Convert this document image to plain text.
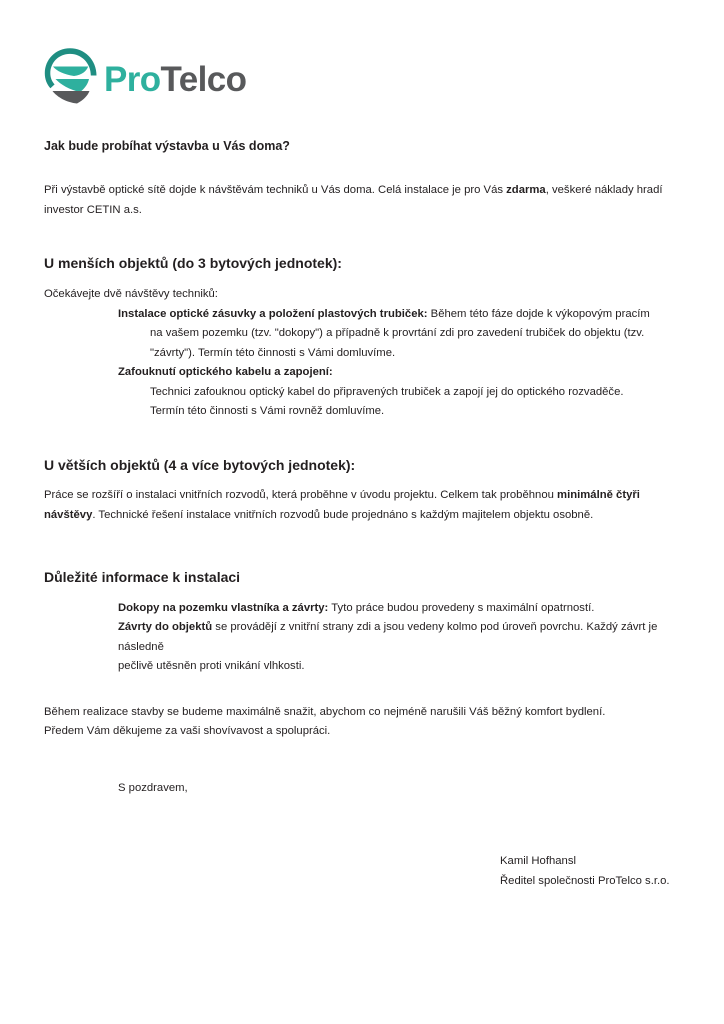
ProTelco
Jak bude probíhat výstavba u Vás doma?

Při výstavbě optické sítě dojde k návštěvám techniků u Vás doma. Celá instalace je pro Vás zdarma, veškeré náklady hradí investor CETIN a.s.

U menších objektů (do 3 bytových jednotek):

Očekávejte dvě návštěvy techniků:

Instalace optické zásuvky a položení plastových trubiček: Během této fáze dojde k výkopovým pracím
na vašem pozemku (tzv. "dokopy") a případně k provrtání zdi pro zavedení trubiček do objektu (tzv.
"závrty"). Termín této činnosti s Vámi domluvíme.
Zafouknutí optického kabelu a zapojení:
Technici zafouknou optický kabel do připravených trubiček a zapojí jej do optického rozvaděče.
Termín této činnosti s Vámi rovněž domluvíme.
U větších objektů (4 a více bytových jednotek):

Práce se rozšíří o instalaci vnitřních rozvodů, která proběhne v úvodu projektu. Celkem tak proběhnou minimálně čtyři návštěvy. Technické řešení instalace vnitřních rozvodů bude projednáno s každým majitelem objektu osobně.

Důležité informace k instalaci
Dokopy na pozemku vlastníka a závrty: Tyto práce budou provedeny s maximální opatrností.
Závrty do objektů se provádějí z vnitřní strany zdi a jsou vedeny kolmo pod úroveň povrchu. Každý závrt je následně
pečlivě utěsněn proti vnikání vlhkosti.

Během realizace stavby se budeme maximálně snažit, abychom co nejméně narušili Váš běžný komfort bydlení.

Předem Vám děkujeme za vaši shovívavost a spolupráci.

S pozdravem,

Kamil Hofhansl
Ředitel společnosti ProTelco s.r.o.
